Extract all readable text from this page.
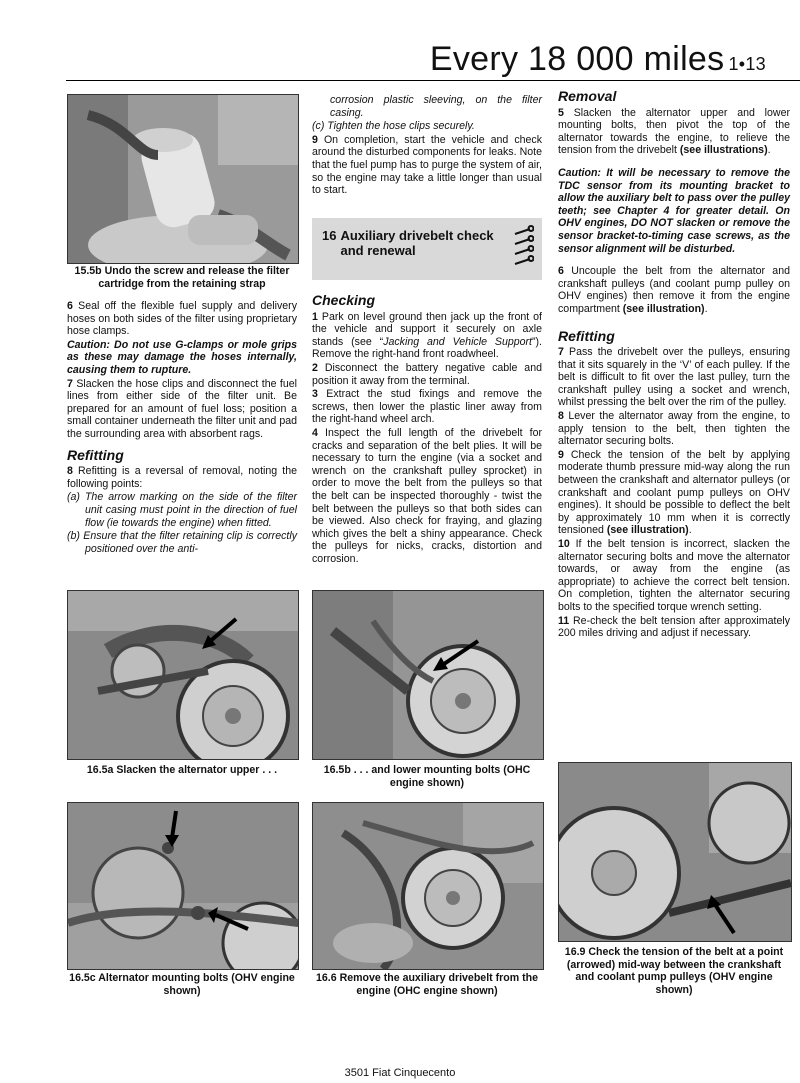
Every 18 000 miles 1•13
15.5b Undo the screw and release the filter cartridge from the retaining strap

6 Seal off the flexible fuel supply and delivery hoses on both sides of the filter using proprietary hose clamps.

Caution: Do not use G-clamps or mole grips as these may damage the hoses internally, causing them to rupture.

7 Slacken the hose clips and disconnect the fuel lines from either side of the filter unit. Be prepared for an amount of fuel loss; position a small container underneath the filter unit and pad the surrounding area with absorbent rags.

Refitting

8 Refitting is a reversal of removal, noting the following points:

(a) The arrow marking on the side of the filter unit casing must point in the direction of fuel flow (ie towards the engine) when fitted.

(b) Ensure that the filter retaining clip is correctly positioned over the anti-

corrosion plastic sleeving, on the filter casing.

(c) Tighten the hose clips securely.

9 On completion, start the vehicle and check around the disturbed components for leaks. Note that the fuel pump has to purge the system of air, so the engine may take a little longer than usual to start.

16 Auxiliary drivebelt check and renewal
Checking

1 Park on level ground then jack up the front of the vehicle and support it securely on axle stands (see “Jacking and Vehicle Support”). Remove the right-hand front roadwheel.

2 Disconnect the battery negative cable and position it away from the terminal.

3 Extract the stud fixings and remove the screws, then lower the plastic liner away from the right-hand wheel arch.

4 Inspect the full length of the drivebelt for cracks and separation of the belt plies. It will be necessary to turn the engine (via a socket and wrench on the crankshaft pulley sprocket) in order to move the belt from the pulleys so that the belt can be inspected thoroughly - twist the belt between the pulleys so that both sides can be viewed. Also check for fraying, and glazing which gives the belt a shiny appearance. Check the pulleys for nicks, cracks, distortion and corrosion.

Removal

5 Slacken the alternator upper and lower mounting bolts, then pivot the top of the alternator towards the engine, to relieve the tension from the drivebelt (see illustrations).

Caution: It will be necessary to remove the TDC sensor from its mounting bracket to allow the auxiliary belt to pass over the pulley teeth; see Chapter 4 for greater detail. On OHV engines, DO NOT slacken or remove the sensor bracket-to-timing case screws, as the sensor alignment will be disturbed.

6 Uncouple the belt from the alternator and crankshaft pulleys (and coolant pump pulley on OHV engines) then remove it from the engine compartment (see illustration).

Refitting

7 Pass the drivebelt over the pulleys, ensuring that it sits squarely in the ‘V’ of each pulley. If the belt is difficult to fit over the last pulley, turn the crankshaft pulley using a socket and wrench, whilst pressing the belt over the rim of the pulley.

8 Lever the alternator away from the engine, to apply tension to the belt, then tighten the alternator securing bolts.

9 Check the tension of the belt by applying moderate thumb pressure mid-way along the run between the crankshaft and alternator pulleys (or crankshaft and coolant pump pulleys on OHV engines). It should be possible to deflect the belt by approximately 10 mm when it is correctly tensioned (see illustration).

10 If the belt tension is incorrect, slacken the alternator securing bolts and move the alternator towards, or away from the engine (as appropriate) to achieve the correct belt tension. On completion, tighten the alternator securing bolts to the specified torque wrench setting.

11 Re-check the belt tension after approximately 200 miles driving and adjust if necessary.

16.5a Slacken the alternator upper . . .	16.5b . . . and lower mounting bolts (OHC engine shown)
16.5c Alternator mounting bolts (OHV engine shown)
16.6 Remove the auxiliary drivebelt from the engine (OHC engine shown)
16.9 Check the tension of the belt at a point (arrowed) mid-way between the crankshaft and coolant pump pulleys (OHV engine shown)
3501 Fiat Cinquecento
